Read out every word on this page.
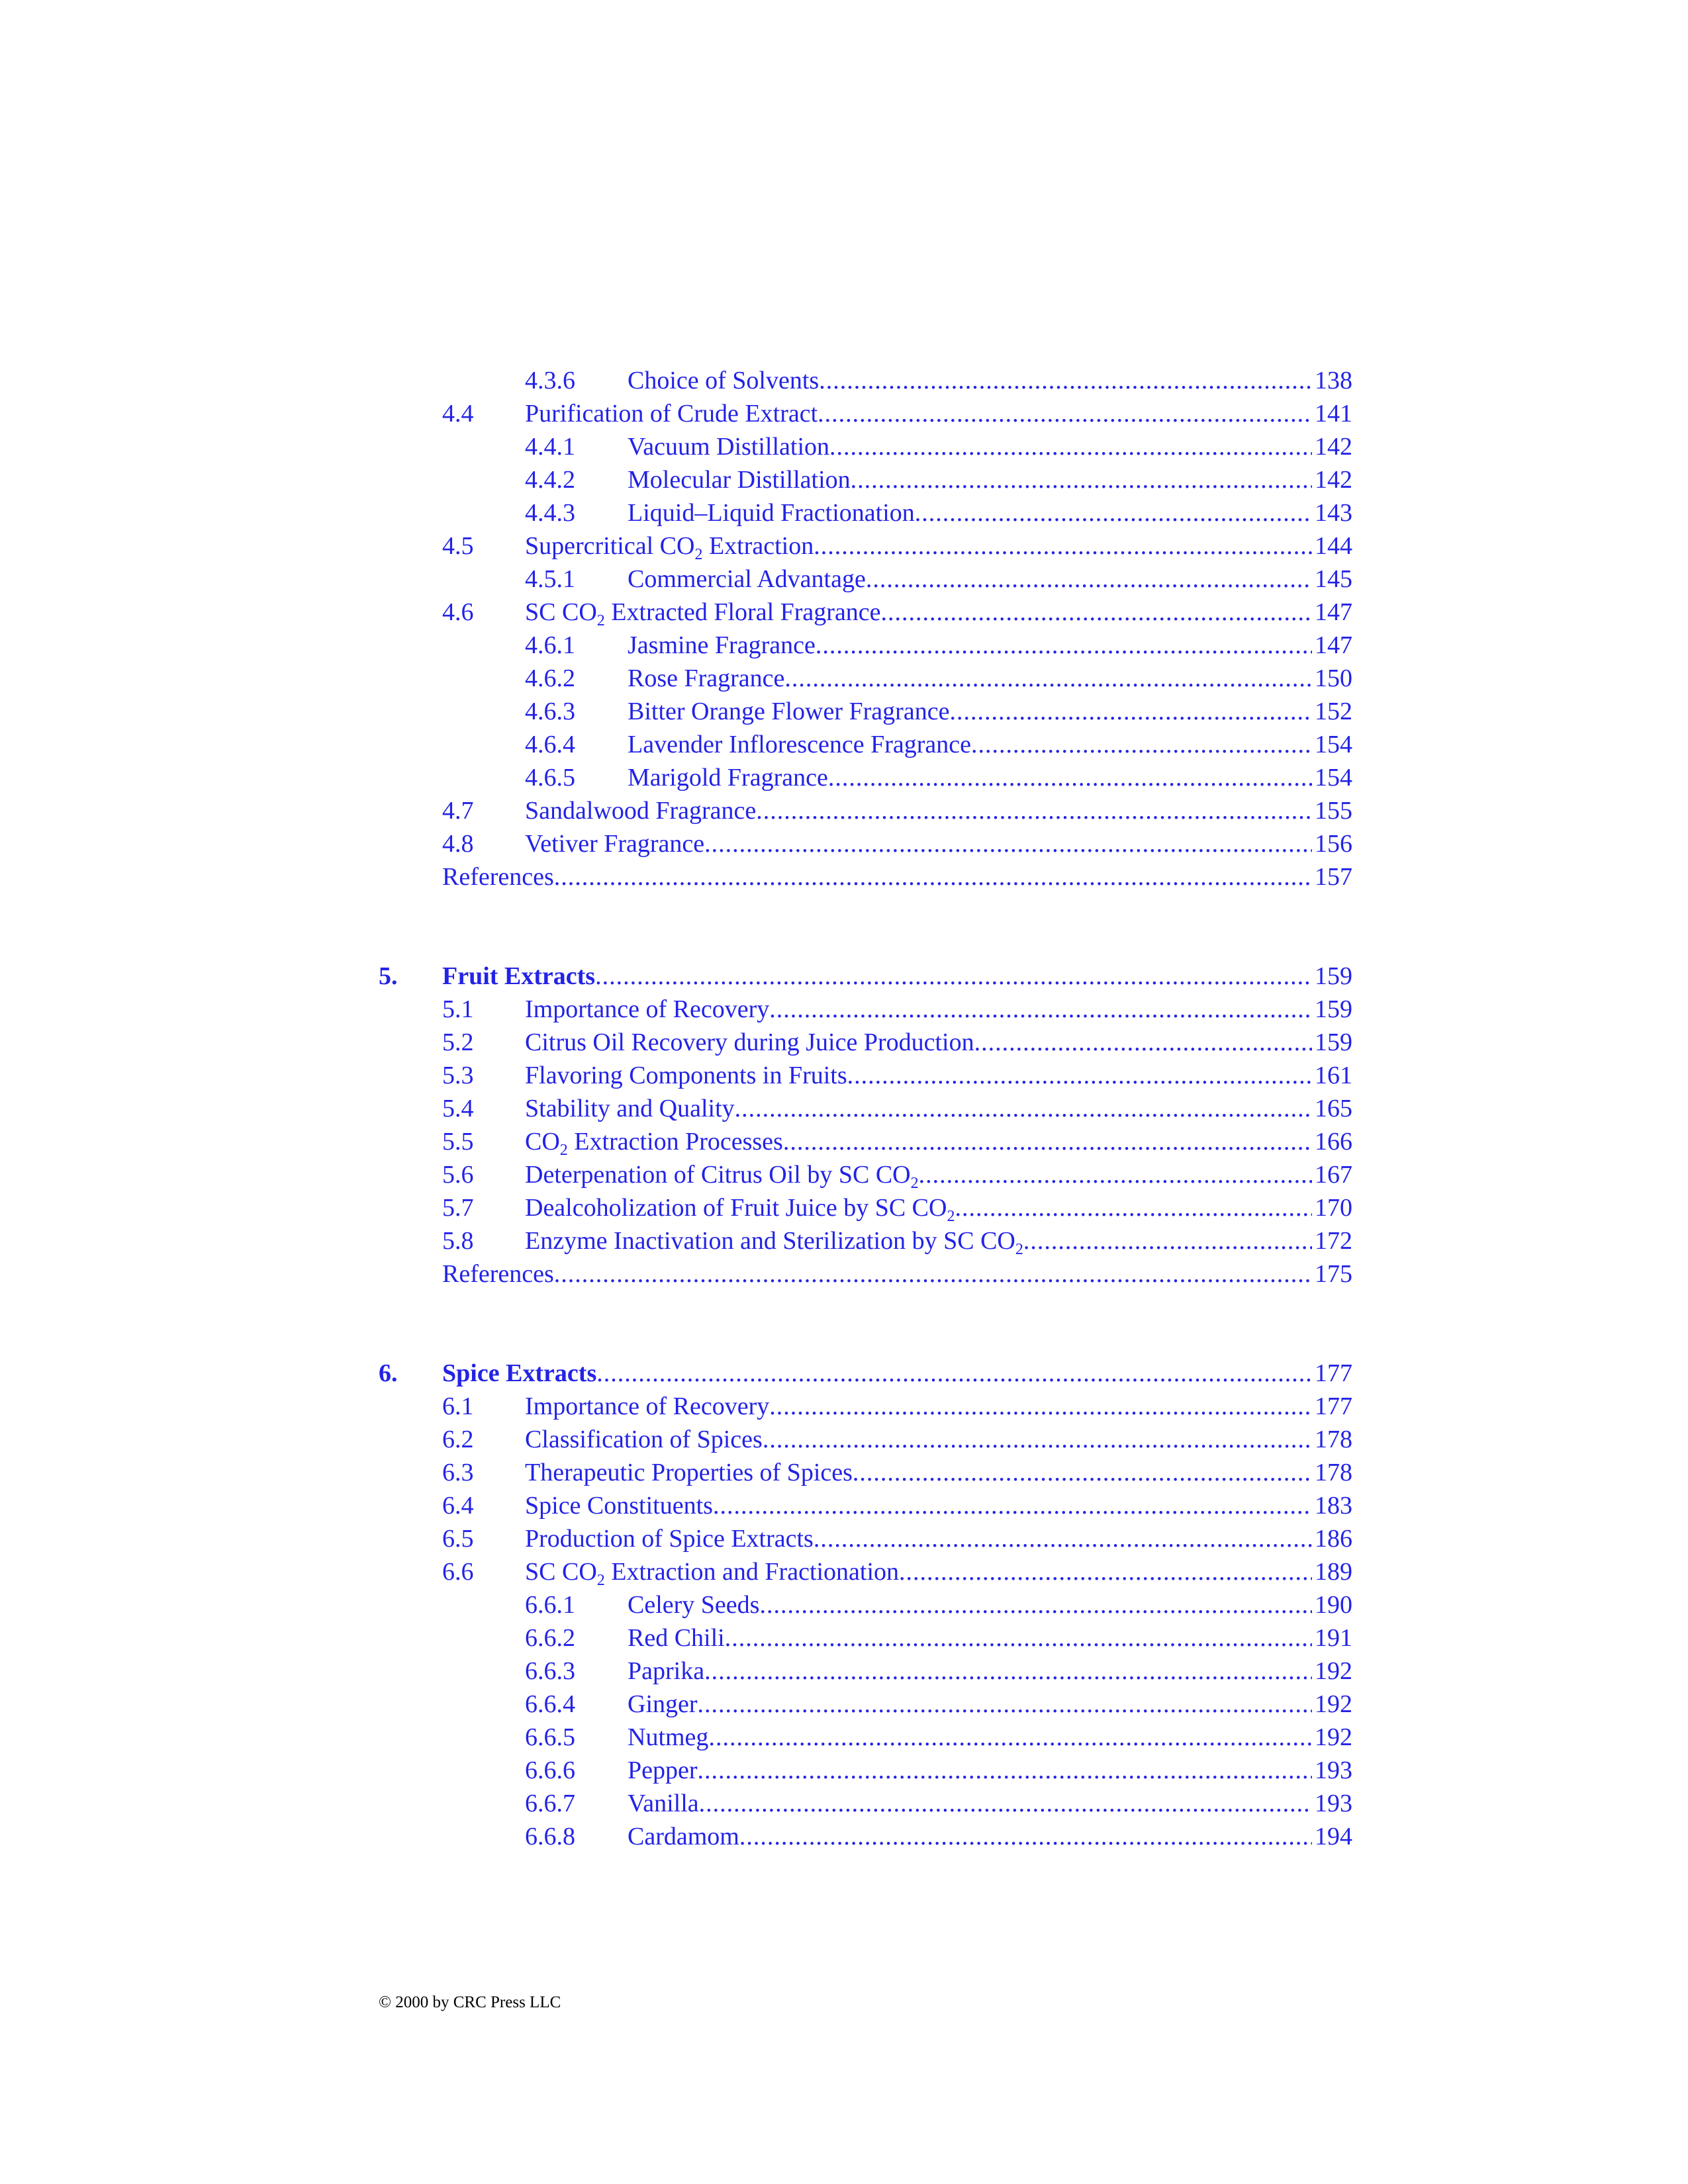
4.3.6 Choice of Solvents .....	138
4.4 Purification of Crude Extract .....	141
4.4.1 Vacuum Distillation .....	142
4.4.2 Molecular Distillation .....	142
4.4.3 Liquid–Liquid Fractionation .....	143
4.5 Supercritical $CO_2$ Extraction .....	144
4.5.1 Commercial Advantage .....	145
4.6 SC $CO_2$ Extracted Floral Fragrance .....	147
4.6.1 Jasmine Fragrance .....	147
4.6.2 Rose Fragrance .....	150
4.6.3 Bitter Orange Flower Fragrance .....	152
4.6.4 Lavender Inflorescence Fragrance .....	154
4.6.5 Marigold Fragrance .....	154
4.7 Sandalwood Fragrance .....	155
4.8 Vetiver Fragrance .....	156
References .....	157
5. Fruit Extracts .....	159
5.1 Importance of Recovery .....	159
5.2 Citrus Oil Recovery during Juice Production .....	159
5.3 Flavoring Components in Fruits .....	161
5.4 Stability and Quality .....	165
5.5 $CO_2$ Extraction Processes .....	166
5.6 Deterpenation of Citrus Oil by SC $CO_2$ .....	167
5.7 Dealcoholization of Fruit Juice by SC $CO_2$ .....	170
5.8 Enzyme Inactivation and Sterilization by SC $CO_2$ .....	172
References .....	175
6. Spice Extracts .....	177
6.1 Importance of Recovery .....	177
6.2 Classification of Spices .....	178
6.3 Therapeutic Properties of Spices .....	178
6.4 Spice Constituents .....	183
6.5 Production of Spice Extracts .....	186
6.6 SC $CO_2$ Extraction and Fractionation .....	189
6.6.1 Celery Seeds .....	190
6.6.2 Red Chili .....	191
6.6.3 Paprika .....	192
6.6.4 Ginger .....	192
6.6.5 Nutmeg .....	192
6.6.6 Pepper .....	193
6.6.7 Vanilla .....	193
6.6.8 Cardamom .....	194
© 2000 by CRC Press LLC
